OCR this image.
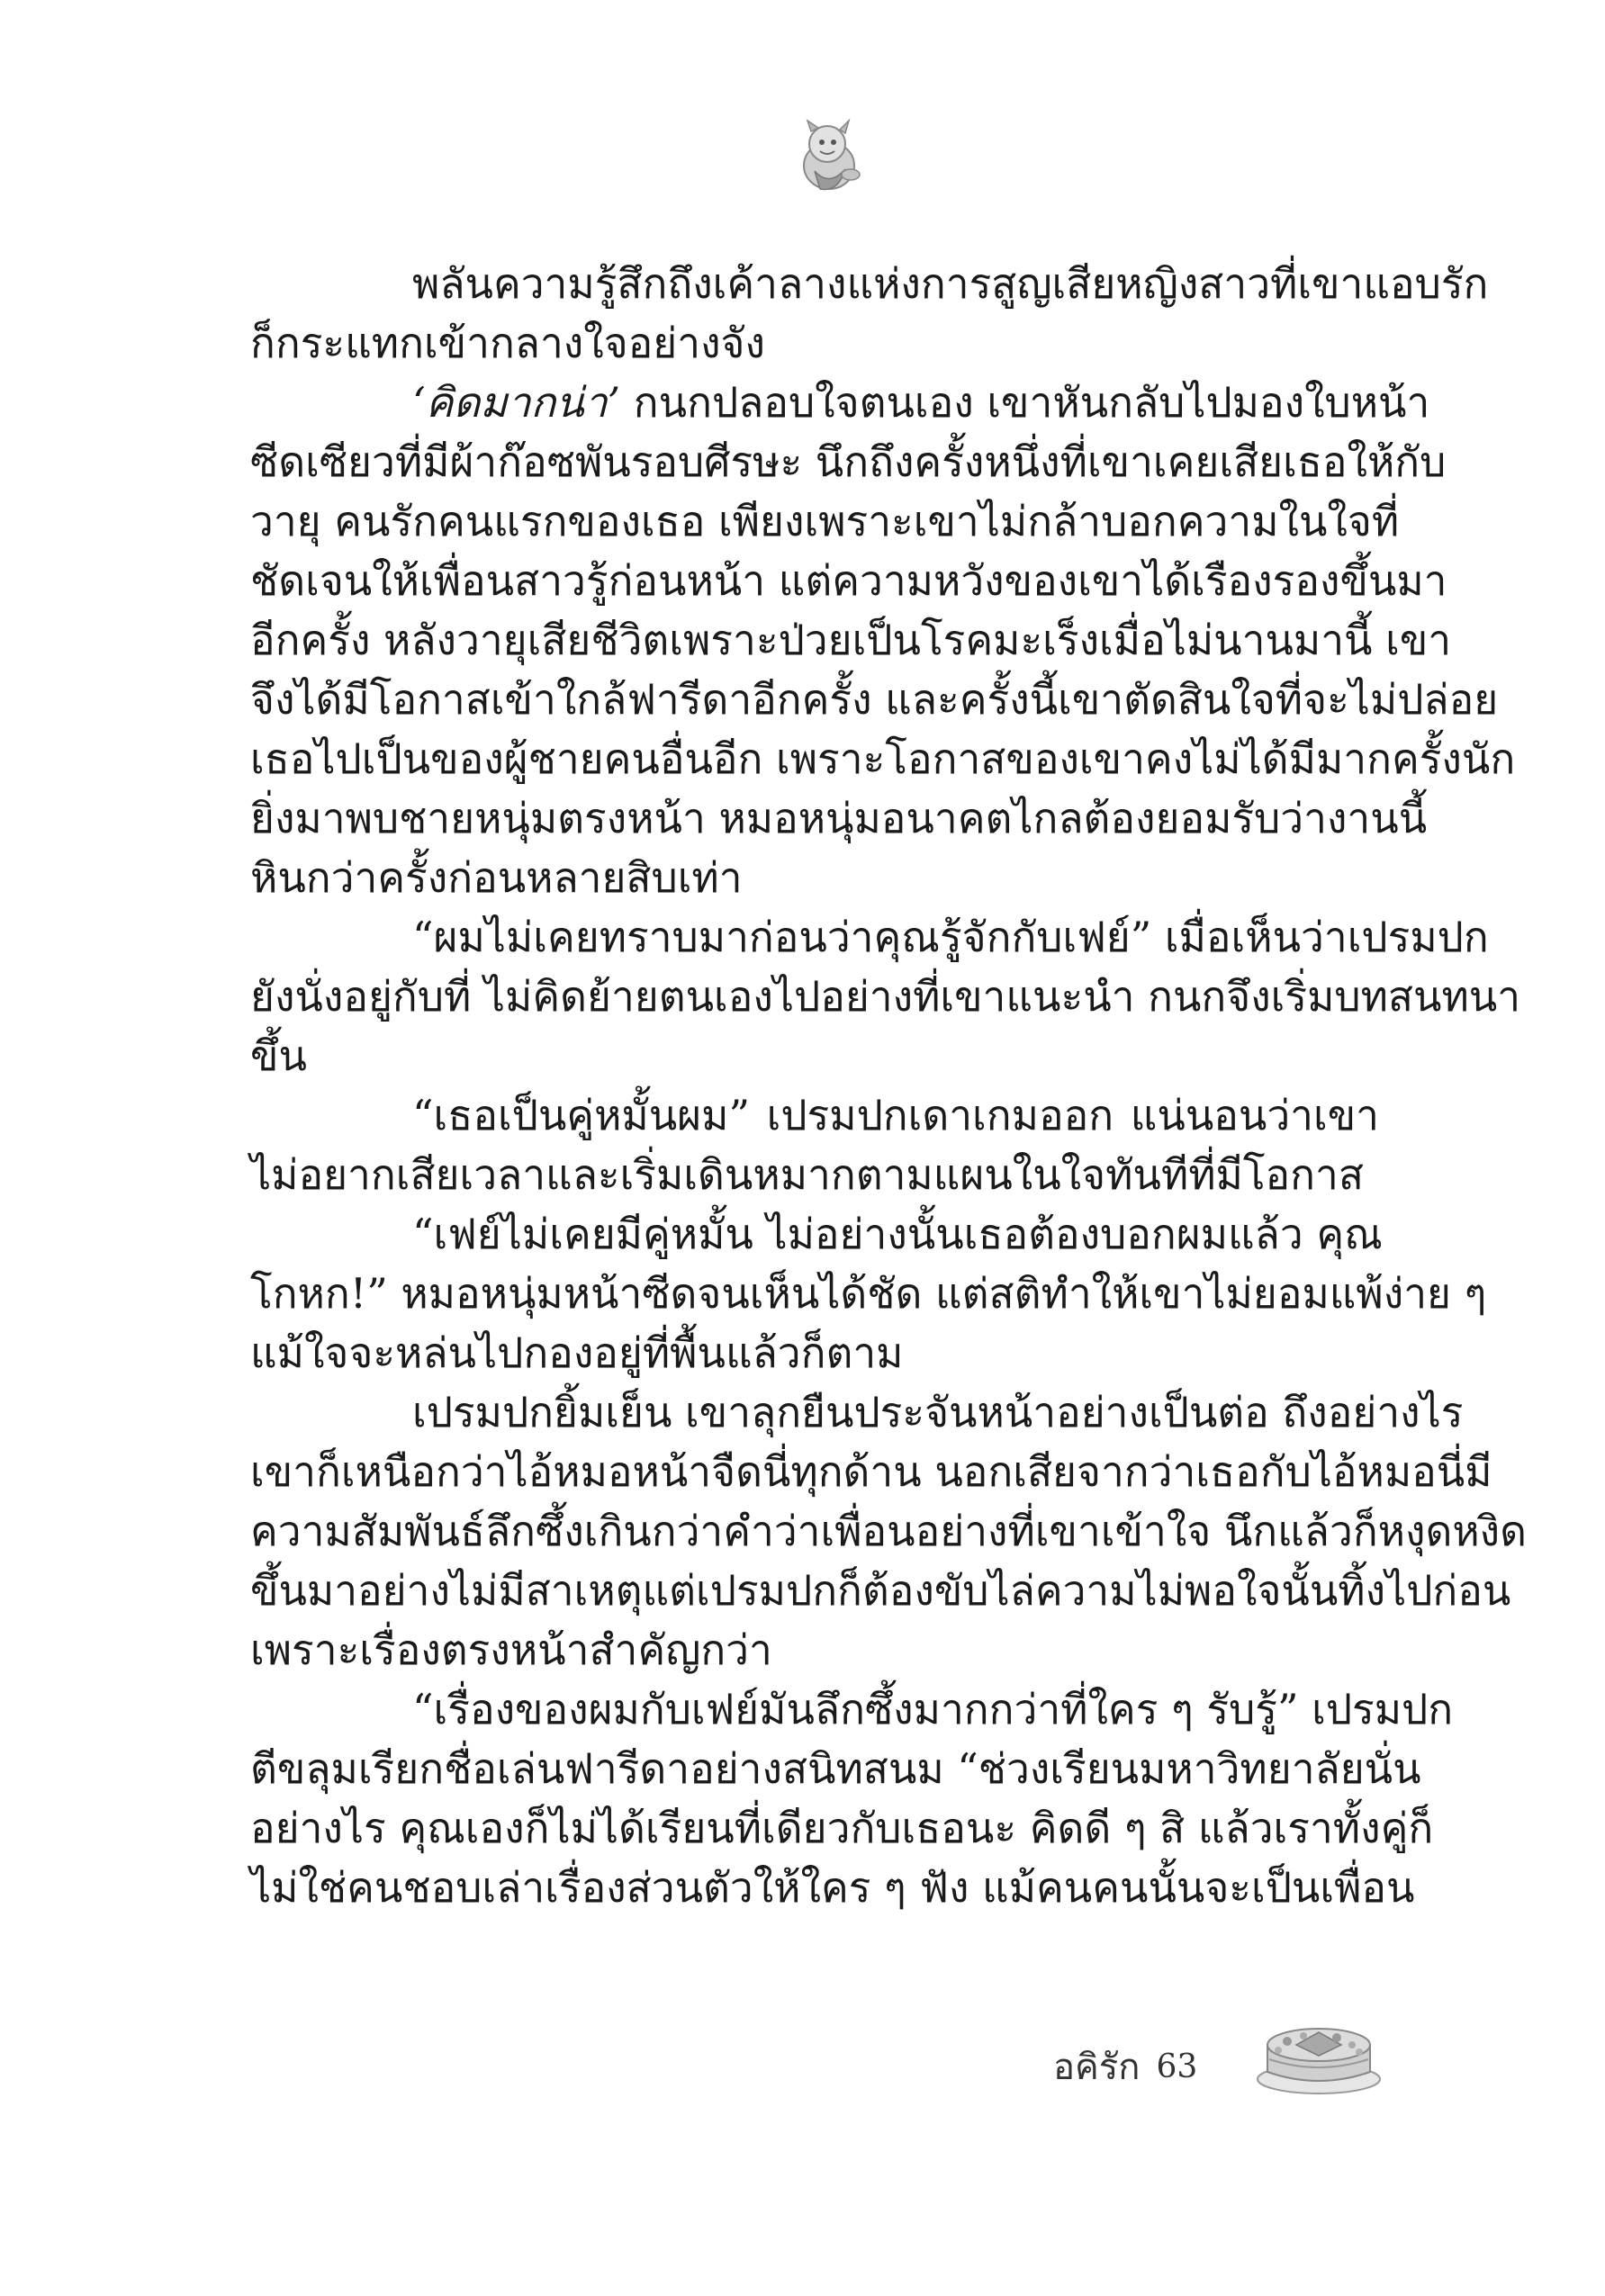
พลันความรู้สึกถึงเค้าลางแห่งการสูญเสียหญิงสาวที่เขาแอบรัก
ก็กระแทกเข้ากลางใจอย่างจัง
‘คิดมากน่า’ กนกปลอบใจตนเอง เขาหันกลับไปมองใบหน้า
ซีดเซียวที่มีผ้าก๊อซพันรอบศีรษะ นึกถึงครั้งหนึ่งที่เขาเคยเสียเธอให้กับ
วายุ คนรักคนแรกของเธอ เพียงเพราะเขาไม่กล้าบอกความในใจที่
ชัดเจนให้เพื่อนสาวรู้ก่อนหน้า แต่ความหวังของเขาได้เรืองรองขึ้นมา
อีกครั้ง หลังวายุเสียชีวิตเพราะป่วยเป็นโรคมะเร็งเมื่อไม่นานมานี้ เขา
จึงได้มีโอกาสเข้าใกล้ฟารีดาอีกครั้ง และครั้งนี้เขาตัดสินใจที่จะไม่ปล่อย
เธอไปเป็นของผู้ชายคนอื่นอีก เพราะโอกาสของเขาคงไม่ได้มีมากครั้งนัก
ยิ่งมาพบชายหนุ่มตรงหน้า หมอหนุ่มอนาคตไกลต้องยอมรับว่างานนี้
หินกว่าครั้งก่อนหลายสิบเท่า
“ผมไม่เคยทราบมาก่อนว่าคุณรู้จักกับเฟย์” เมื่อเห็นว่าเปรมปก
ยังนั่งอยู่กับที่ ไม่คิดย้ายตนเองไปอย่างที่เขาแนะนำ กนกจึงเริ่มบทสนทนา
ขึ้น
“เธอเป็นคู่หมั้นผม” เปรมปกเดาเกมออก แน่นอนว่าเขา
ไม่อยากเสียเวลาและเริ่มเดินหมากตามแผนในใจทันทีที่มีโอกาส
“เฟย์ไม่เคยมีคู่หมั้น ไม่อย่างนั้นเธอต้องบอกผมแล้ว คุณ
โกหก!” หมอหนุ่มหน้าซีดจนเห็นได้ชัด แต่สติทำให้เขาไม่ยอมแพ้ง่าย ๆ
แม้ใจจะหล่นไปกองอยู่ที่พื้นแล้วก็ตาม
เปรมปกยิ้มเย็น เขาลุกยืนประจันหน้าอย่างเป็นต่อ ถึงอย่างไร
เขาก็เหนือกว่าไอ้หมอหน้าจืดนี่ทุกด้าน นอกเสียจากว่าเธอกับไอ้หมอนี่มี
ความสัมพันธ์ลึกซึ้งเกินกว่าคำว่าเพื่อนอย่างที่เขาเข้าใจ นึกแล้วก็หงุดหงิด
ขึ้นมาอย่างไม่มีสาเหตุแต่เปรมปกก็ต้องขับไล่ความไม่พอใจนั้นทิ้งไปก่อน
เพราะเรื่องตรงหน้าสำคัญกว่า
“เรื่องของผมกับเฟย์มันลึกซึ้งมากกว่าที่ใคร ๆ รับรู้” เปรมปก
ตีขลุมเรียกชื่อเล่นฟารีดาอย่างสนิทสนม “ช่วงเรียนมหาวิทยาลัยนั่น
อย่างไร คุณเองก็ไม่ได้เรียนที่เดียวกับเธอนะ คิดดี ๆ สิ แล้วเราทั้งคู่ก็
ไม่ใช่คนชอบเล่าเรื่องส่วนตัวให้ใคร ๆ ฟัง แม้คนคนนั้นจะเป็นเพื่อน
อคิรัก 63
